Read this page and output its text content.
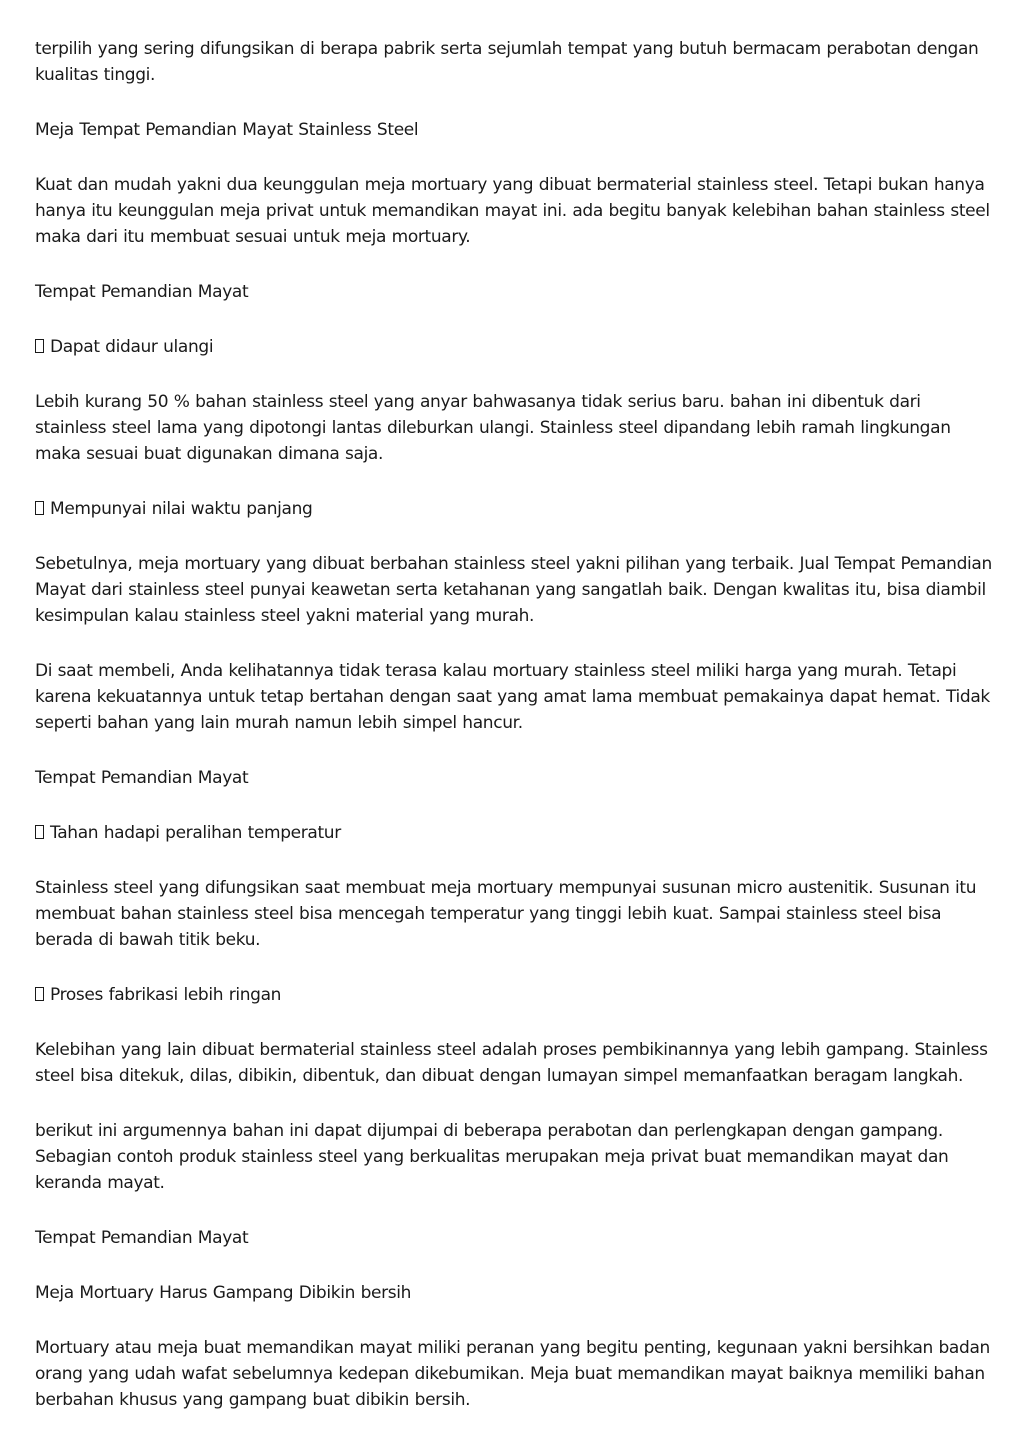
terpilih yang sering difungsikan di berapa pabrik serta sejumlah tempat yang butuh bermacam perabotan dengan kualitas tinggi.

Meja Tempat Pemandian Mayat Stainless Steel

Kuat dan mudah yakni dua keunggulan meja mortuary yang dibuat bermaterial stainless steel. Tetapi bukan hanya hanya itu keunggulan meja privat untuk memandikan mayat ini. ada begitu banyak kelebihan bahan stainless steel maka dari itu membuat sesuai untuk meja mortuary.

Tempat Pemandian Mayat

Dapat didaur ulangi

Lebih kurang 50 % bahan stainless steel yang anyar bahwasanya tidak serius baru. bahan ini dibentuk dari stainless steel lama yang dipotongi lantas dileburkan ulangi. Stainless steel dipandang lebih ramah lingkungan maka sesuai buat digunakan dimana saja.

Mempunyai nilai waktu panjang

Sebetulnya, meja mortuary yang dibuat berbahan stainless steel yakni pilihan yang terbaik. Jual Tempat Pemandian Mayat dari stainless steel punyai keawetan serta ketahanan yang sangatlah baik. Dengan kwalitas itu, bisa diambil kesimpulan kalau stainless steel yakni material yang murah.

Di saat membeli, Anda kelihatannya tidak terasa kalau mortuary stainless steel miliki harga yang murah. Tetapi karena kekuatannya untuk tetap bertahan dengan saat yang amat lama membuat pemakainya dapat hemat. Tidak seperti bahan yang lain murah namun lebih simpel hancur.

Tempat Pemandian Mayat

Tahan hadapi peralihan temperatur

Stainless steel yang difungsikan saat membuat meja mortuary mempunyai susunan micro austenitik. Susunan itu membuat bahan stainless steel bisa mencegah temperatur yang tinggi lebih kuat. Sampai stainless steel bisa berada di bawah titik beku.

Proses fabrikasi lebih ringan

Kelebihan yang lain dibuat bermaterial stainless steel adalah proses pembikinannya yang lebih gampang. Stainless steel bisa ditekuk, dilas, dibikin, dibentuk, dan dibuat dengan lumayan simpel memanfaatkan beragam langkah.

berikut ini argumennya bahan ini dapat dijumpai di beberapa perabotan dan perlengkapan dengan gampang. Sebagian contoh produk stainless steel yang berkualitas merupakan meja privat buat memandikan mayat dan keranda mayat.

Tempat Pemandian Mayat

Meja Mortuary Harus Gampang Dibikin bersih

Mortuary atau meja buat memandikan mayat miliki peranan yang begitu penting, kegunaan yakni bersihkan badan orang yang udah wafat sebelumnya kedepan dikebumikan. Meja buat memandikan mayat baiknya memiliki bahan berbahan khusus yang gampang buat dibikin bersih.
